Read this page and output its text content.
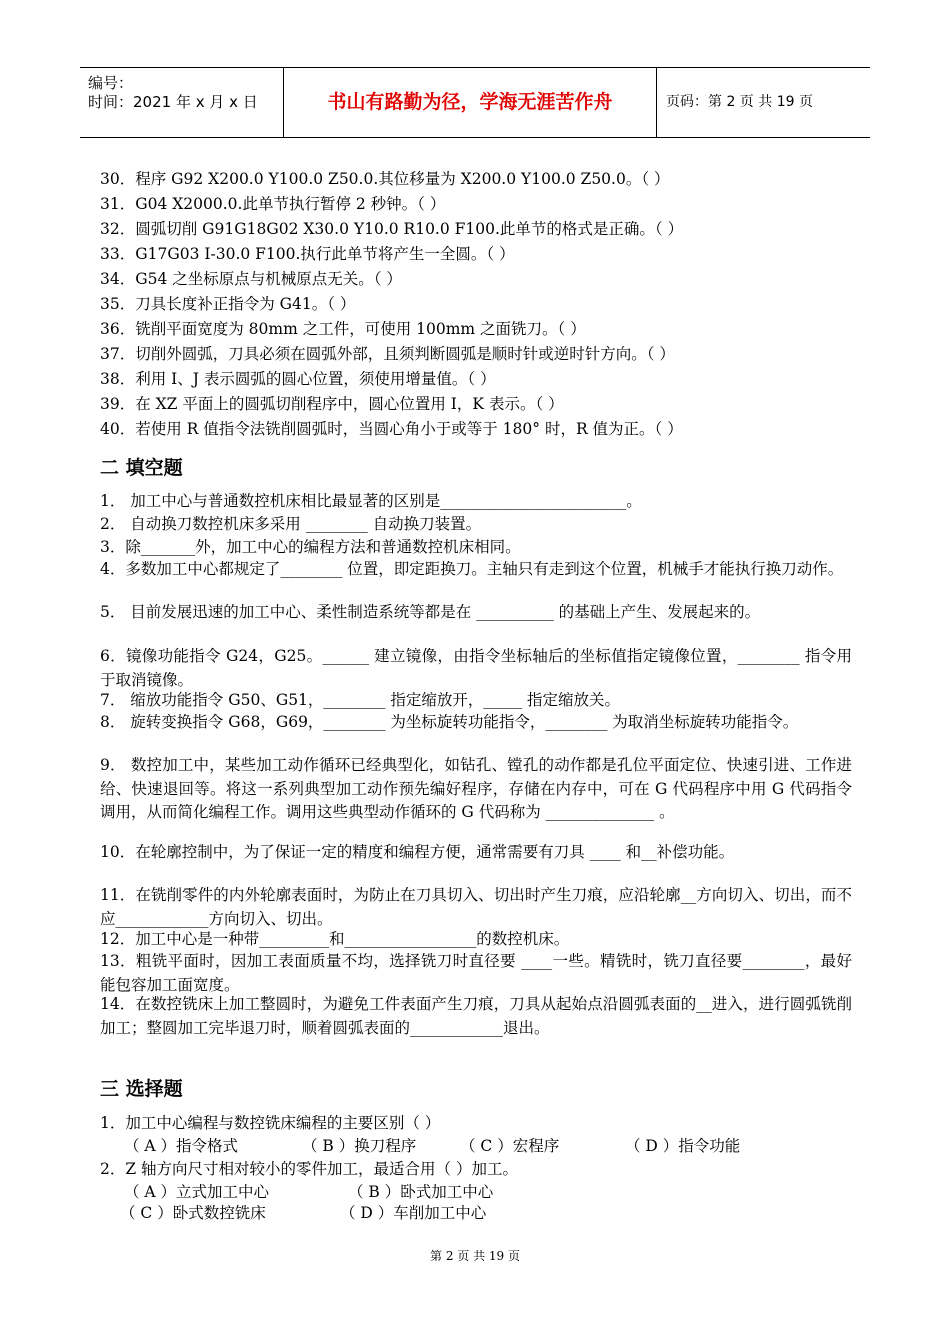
编号：
时间：2021 年 x 月 x 日	书山有路勤为径，学海无涯苦作舟	页码：第 2 页 共 19 页
30．程序 G92 X200.0 Y100.0 Z50.0.其位移量为 X200.0 Y100.0 Z50.0。（ ）
31．G04 X2000.0.此单节执行暂停 2 秒钟。（ ）
32．圆弧切削 G91G18G02 X30.0 Y10.0 R10.0 F100.此单节的格式是正确。（ ）
33．G17G03 I-30.0 F100.执行此单节将产生一全圆。（ ）
34．G54 之坐标原点与机械原点无关。（ ）
35．刀具长度补正指令为 G41。（ ）
36．铣削平面宽度为 80mm 之工件，可使用 100mm 之面铣刀。（ ）
37．切削外圆弧，刀具必须在圆弧外部，且须判断圆弧是顺时针或逆时针方向。（ ）
38．利用 I、J 表示圆弧的圆心位置，须使用增量值。（ ）
39．在 XZ 平面上的圆弧切削程序中，圆心位置用 I，K 表示。（ ）
40．若使用 R 值指令法铣削圆弧时，当圆心角小于或等于 180° 时，R 值为正。（ ）
二 填空题
1． 加工中心与普通数控机床相比最显著的区别是________________________。
2． 自动换刀数控机床多采用 ________ 自动换刀装置。
3．除_______外，加工中心的编程方法和普通数控机床相同。
4．多数加工中心都规定了________ 位置，即定距换刀。主轴只有走到这个位置，机械手才能执行换刀动作。
5． 目前发展迅速的加工中心、柔性制造系统等都是在 __________ 的基础上产生、发展起来的。
6．镜像功能指令 G24，G25。______ 建立镜像，由指令坐标轴后的坐标值指定镜像位置，________ 指令用于取消镜像。
7． 缩放功能指令 G50、G51，________ 指定缩放开，_____ 指定缩放关。
8． 旋转变换指令 G68，G69，________ 为坐标旋转功能指令，________ 为取消坐标旋转功能指令。
9． 数控加工中，某些加工动作循环已经典型化，如钻孔、镗孔的动作都是孔位平面定位、快速引进、工作进给、快速退回等。将这一系列典型加工动作预先编好程序，存储在内存中，可在 G 代码程序中用 G 代码指令调用，从而简化编程工作。调用这些典型动作循环的 G 代码称为 ______________ 。
10．在轮廓控制中，为了保证一定的精度和编程方便，通常需要有刀具 ____ 和__补偿功能。
11．在铣削零件的内外轮廓表面时，为防止在刀具切入、切出时产生刀痕，应沿轮廓__方向切入、切出，而不应____________方向切入、切出。
12．加工中心是一种带_________和_________________的数控机床。
13．粗铣平面时，因加工表面质量不均，选择铣刀时直径要 ____一些。精铣时，铣刀直径要________，最好能包容加工面宽度。
14．在数控铣床上加工整圆时，为避免工件表面产生刀痕，刀具从起始点沿圆弧表面的__进入，进行圆弧铣削加工；整圆加工完毕退刀时，顺着圆弧表面的____________退出。
三 选择题
1．加工中心编程与数控铣床编程的主要区别（ ）
（ A ）指令格式	（ B ）换刀程序	（ C ）宏程序	（ D ）指令功能
2．Z 轴方向尺寸相对较小的零件加工，最适合用（ ）加工。
（ A ）立式加工中心	（ B ）卧式加工中心
（ C ）卧式数控铣床	（ D ）车削加工中心
第 2 页 共 19 页
